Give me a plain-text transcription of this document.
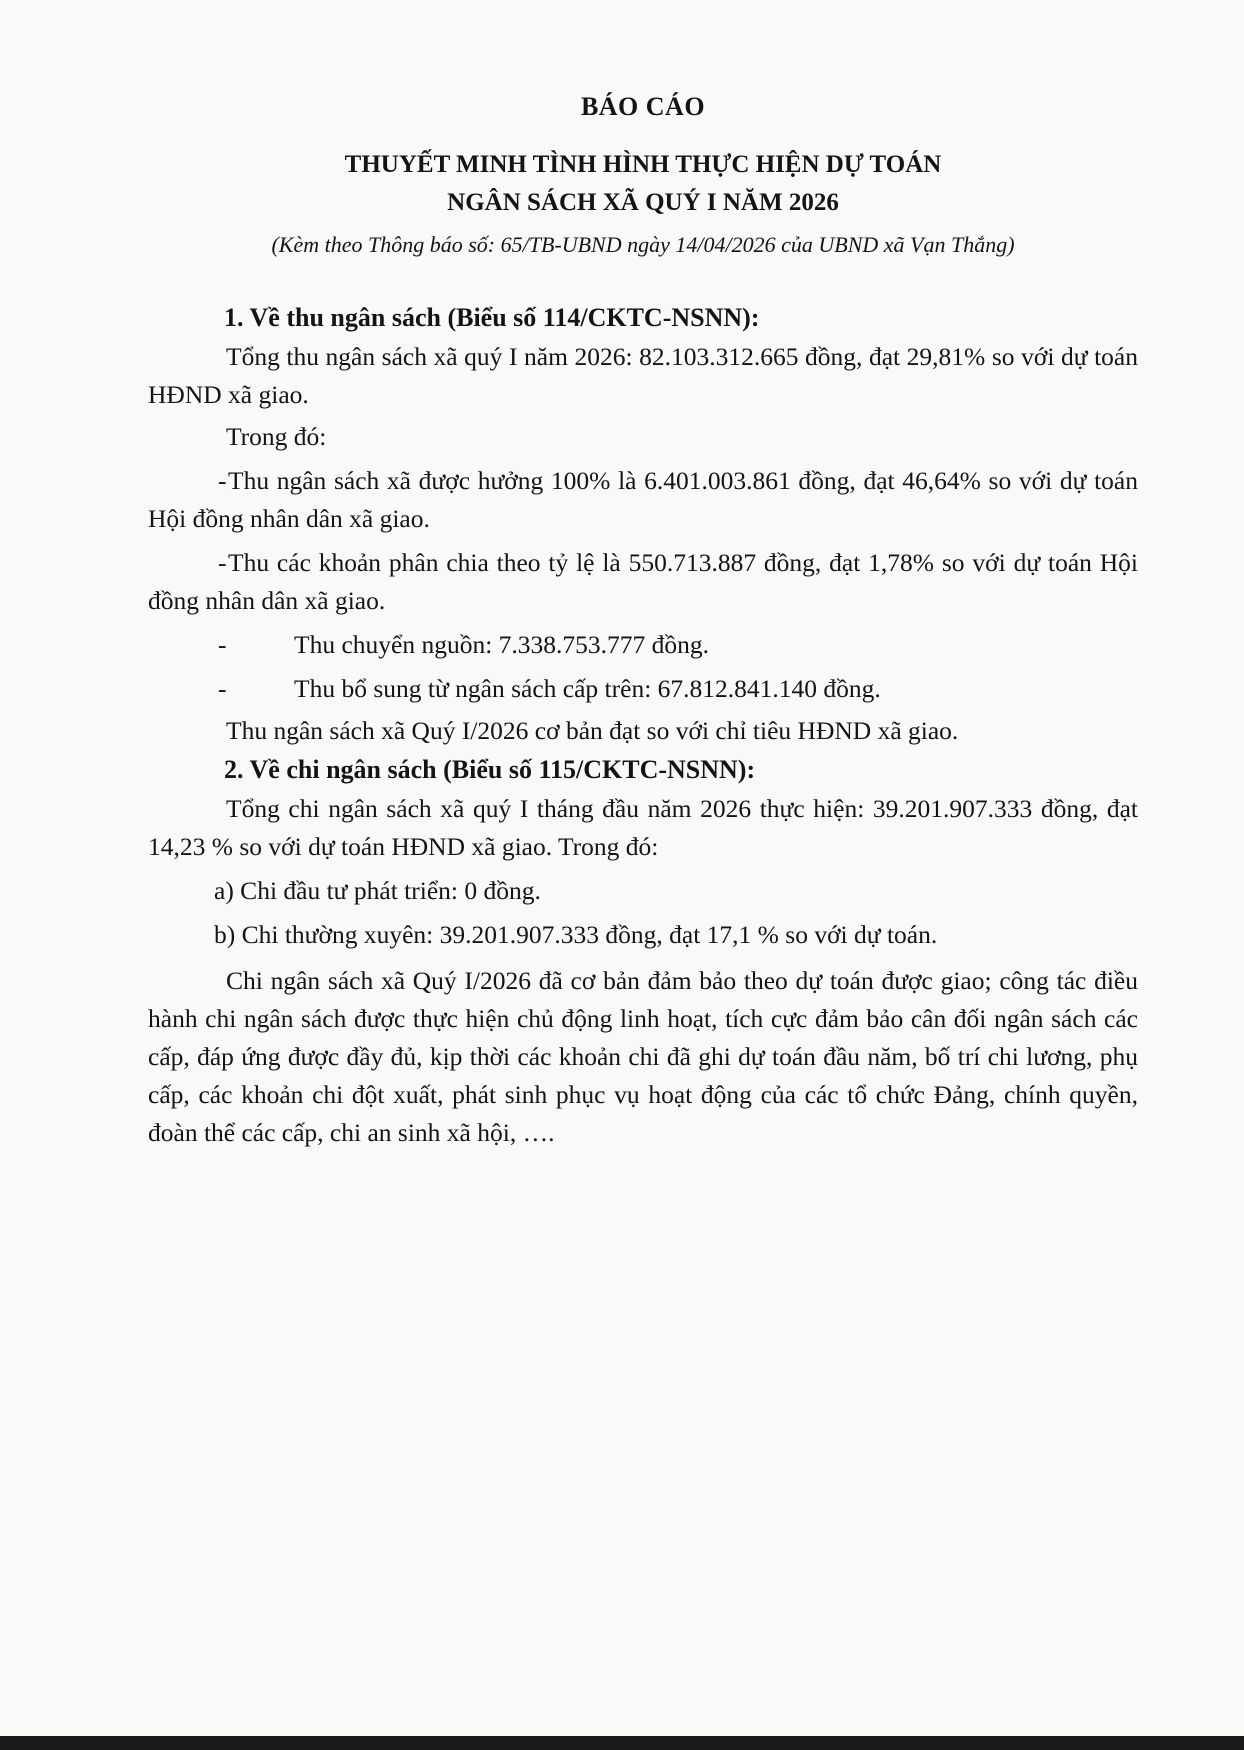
BÁO CÁO
THUYẾT MINH TÌNH HÌNH THỰC HIỆN DỰ TOÁN
NGÂN SÁCH XÃ QUÝ I NĂM 2026
(Kèm theo Thông báo số: 65/TB-UBND ngày 14/04/2026 của UBND xã Vạn Thắng)
1. Về thu ngân sách (Biểu số 114/CKTC-NSNN):

Tổng thu ngân sách xã quý I năm 2026: 82.103.312.665 đồng, đạt 29,81% so với dự toán HĐND xã giao.

Trong đó:

- Thu ngân sách xã được hưởng 100% là 6.401.003.861 đồng, đạt 46,64% so với dự toán Hội đồng nhân dân xã giao.

- Thu các khoản phân chia theo tỷ lệ là 550.713.887 đồng, đạt 1,78% so với dự toán Hội đồng nhân dân xã giao.

-	Thu chuyển nguồn: 7.338.753.777 đồng.

-	Thu bổ sung từ ngân sách cấp trên: 67.812.841.140 đồng.

Thu ngân sách xã Quý I/2026 cơ bản đạt so với chỉ tiêu HĐND xã giao.

2. Về chi ngân sách (Biểu số 115/CKTC-NSNN):

Tổng chi ngân sách xã quý I tháng đầu năm 2026 thực hiện: 39.201.907.333 đồng, đạt 14,23 % so với dự toán HĐND xã giao. Trong đó:

a) Chi đầu tư phát triển: 0 đồng.

b) Chi thường xuyên: 39.201.907.333 đồng, đạt 17,1 % so với dự toán.

Chi ngân sách xã Quý I/2026 đã cơ bản đảm bảo theo dự toán được giao; công tác điều hành chi ngân sách được thực hiện chủ động linh hoạt, tích cực đảm bảo cân đối ngân sách các cấp, đáp ứng được đầy đủ, kịp thời các khoản chi đã ghi dự toán đầu năm, bố trí chi lương, phụ cấp, các khoản chi đột xuất, phát sinh phục vụ hoạt động của các tổ chức Đảng, chính quyền, đoàn thể các cấp, chi an sinh xã hội, ….
